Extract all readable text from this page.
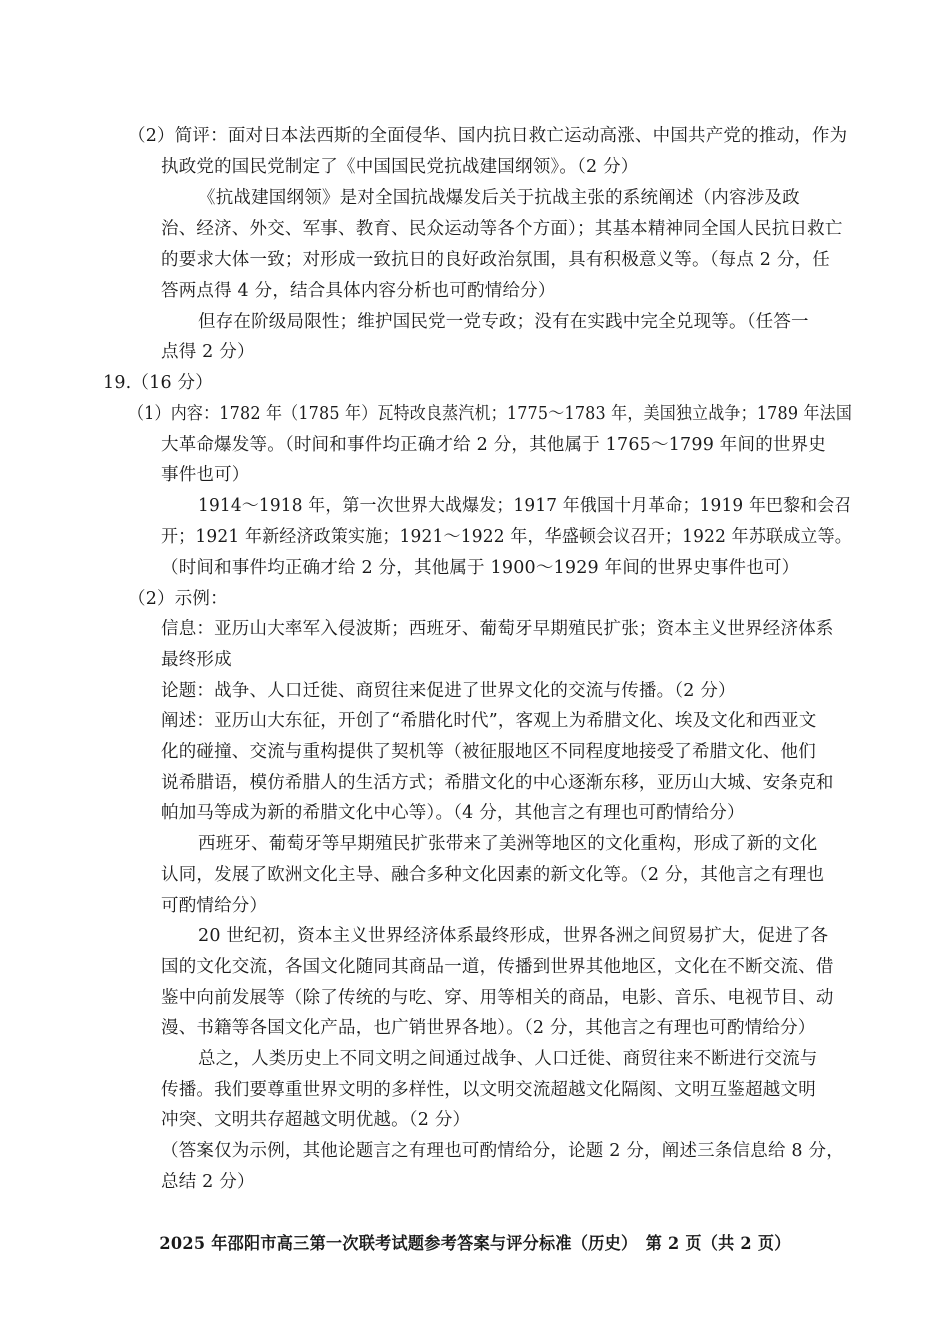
（2）简评：面对日本法西斯的全面侵华、国内抗日救亡运动高涨、中国共产党的推动，作为
执政党的国民党制定了《中国国民党抗战建国纲领》。（2 分）
《抗战建国纲领》是对全国抗战爆发后关于抗战主张的系统阐述（内容涉及政
治、经济、外交、军事、教育、民众运动等各个方面）；其基本精神同全国人民抗日救亡
的要求大体一致；对形成一致抗日的良好政治氛围，具有积极意义等。（每点 2 分，任
答两点得 4 分，结合具体内容分析也可酌情给分）
但存在阶级局限性；维护国民党一党专政；没有在实践中完全兑现等。（任答一
点得 2 分）
19.（16 分）
（1）内容：1782 年（1785 年）瓦特改良蒸汽机；1775～1783 年，美国独立战争；1789 年法国
大革命爆发等。（时间和事件均正确才给 2 分，其他属于 1765～1799 年间的世界史
事件也可）
1914～1918 年，第一次世界大战爆发；1917 年俄国十月革命；1919 年巴黎和会召
开；1921 年新经济政策实施；1921～1922 年，华盛顿会议召开；1922 年苏联成立等。
（时间和事件均正确才给 2 分，其他属于 1900～1929 年间的世界史事件也可）
（2）示例：
信息：亚历山大率军入侵波斯；西班牙、葡萄牙早期殖民扩张；资本主义世界经济体系
最终形成
论题：战争、人口迁徙、商贸往来促进了世界文化的交流与传播。（2 分）
阐述：亚历山大东征，开创了“希腊化时代”，客观上为希腊文化、埃及文化和西亚文
化的碰撞、交流与重构提供了契机等（被征服地区不同程度地接受了希腊文化、他们
说希腊语，模仿希腊人的生活方式；希腊文化的中心逐渐东移，亚历山大城、安条克和
帕加马等成为新的希腊文化中心等）。（4 分，其他言之有理也可酌情给分）
西班牙、葡萄牙等早期殖民扩张带来了美洲等地区的文化重构，形成了新的文化
认同，发展了欧洲文化主导、融合多种文化因素的新文化等。（2 分，其他言之有理也
可酌情给分）
20 世纪初，资本主义世界经济体系最终形成，世界各洲之间贸易扩大，促进了各
国的文化交流，各国文化随同其商品一道，传播到世界其他地区，文化在不断交流、借
鉴中向前发展等（除了传统的与吃、穿、用等相关的商品，电影、音乐、电视节目、动
漫、书籍等各国文化产品，也广销世界各地）。（2 分，其他言之有理也可酌情给分）
总之，人类历史上不同文明之间通过战争、人口迁徙、商贸往来不断进行交流与
传播。我们要尊重世界文明的多样性，以文明交流超越文化隔阂、文明互鉴超越文明
冲突、文明共存超越文明优越。（2 分）
（答案仅为示例，其他论题言之有理也可酌情给分，论题 2 分，阐述三条信息给 8 分，
总结 2 分）
2025 年邵阳市高三第一次联考试题参考答案与评分标准（历史）　第 2 页（共 2 页）
